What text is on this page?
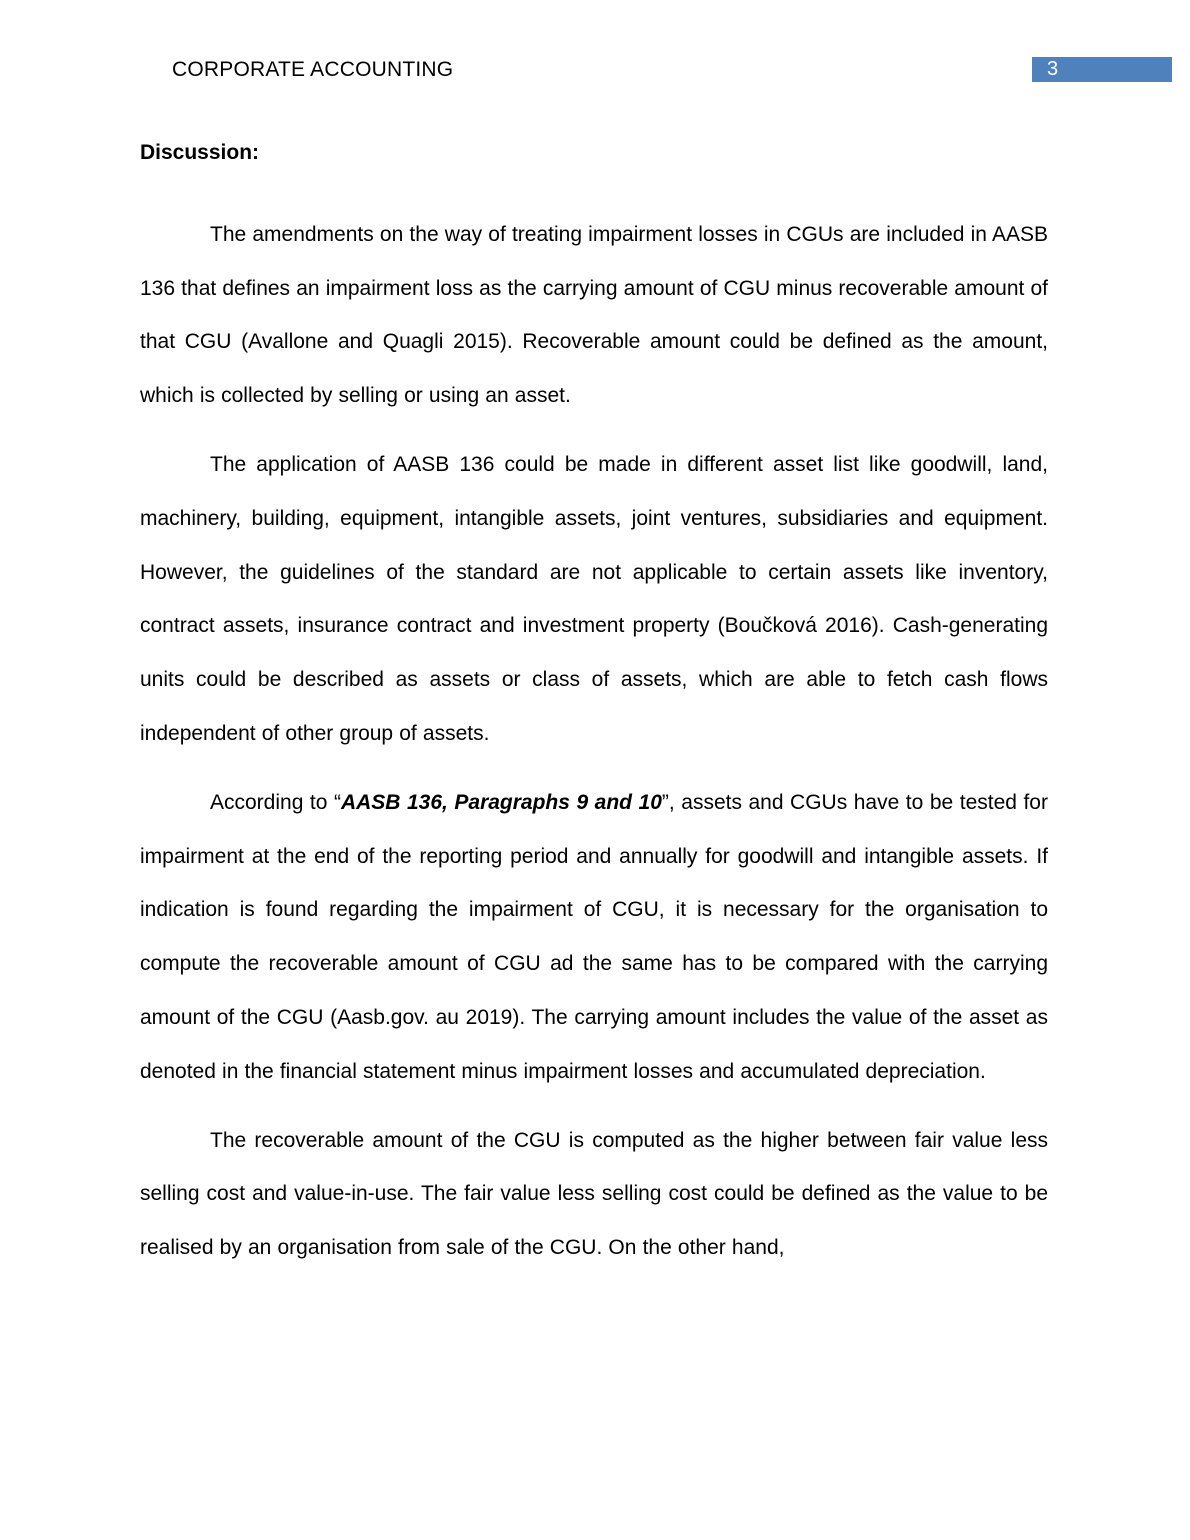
CORPORATE ACCOUNTING	3
Discussion:

The amendments on the way of treating impairment losses in CGUs are included in AASB 136 that defines an impairment loss as the carrying amount of CGU minus recoverable amount of that CGU (Avallone and Quagli 2015). Recoverable amount could be defined as the amount, which is collected by selling or using an asset.

The application of AASB 136 could be made in different asset list like goodwill, land, machinery, building, equipment, intangible assets, joint ventures, subsidiaries and equipment. However, the guidelines of the standard are not applicable to certain assets like inventory, contract assets, insurance contract and investment property (Boučková 2016). Cash-generating units could be described as assets or class of assets, which are able to fetch cash flows independent of other group of assets.

According to “AASB 136, Paragraphs 9 and 10”, assets and CGUs have to be tested for impairment at the end of the reporting period and annually for goodwill and intangible assets. If indication is found regarding the impairment of CGU, it is necessary for the organisation to compute the recoverable amount of CGU ad the same has to be compared with the carrying amount of the CGU (Aasb.gov. au 2019). The carrying amount includes the value of the asset as denoted in the financial statement minus impairment losses and accumulated depreciation.

The recoverable amount of the CGU is computed as the higher between fair value less selling cost and value-in-use. The fair value less selling cost could be defined as the value to be realised by an organisation from sale of the CGU. On the other hand,
